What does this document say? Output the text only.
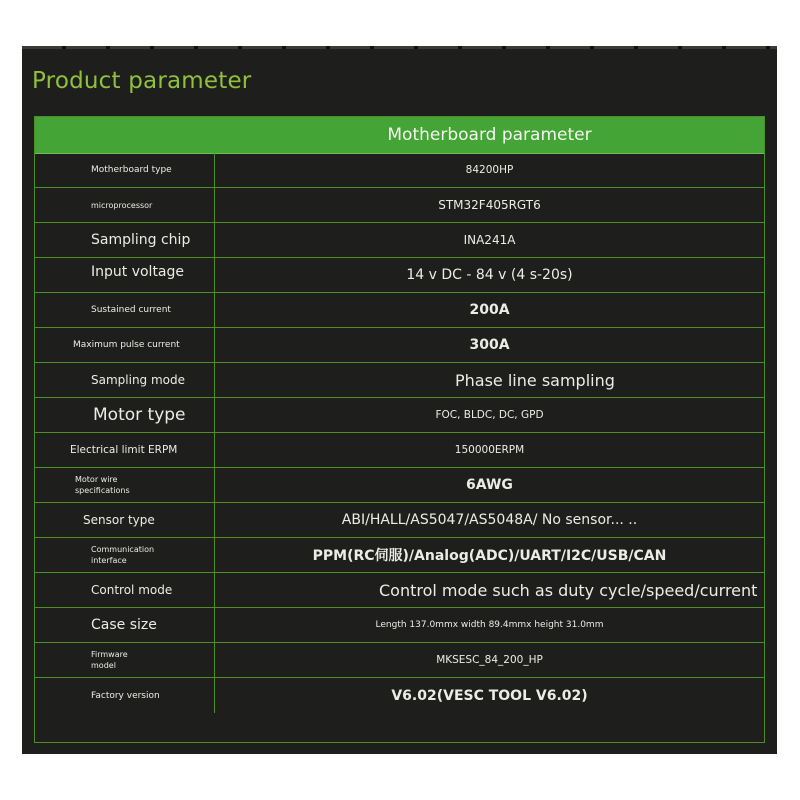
Product parameter
Motherboard parameter
Motherboard type	84200HP
microprocessor	STM32F405RGT6
Sampling chip	INA241A
Input voltage	14 v DC - 84 v (4 s-20s)
Sustained current	200A
Maximum pulse current	300A
Sampling mode	Phase line sampling
Motor type	FOC, BLDC, DC, GPD
Electrical limit ERPM	150000ERPM
Motor wire specifications	6AWG
Sensor type	ABI/HALL/AS5047/AS5048A/ No sensor... ..
Communication interface	PPM(RC伺服)/Analog(ADC)/UART/I2C/USB/CAN
Control mode	Control mode such as duty cycle/speed/current
Case size	Length 137.0mmx width 89.4mmx height 31.0mm
Firmware model	MKSESC_84_200_HP
Factory version	V6.02(VESC TOOL V6.02)
